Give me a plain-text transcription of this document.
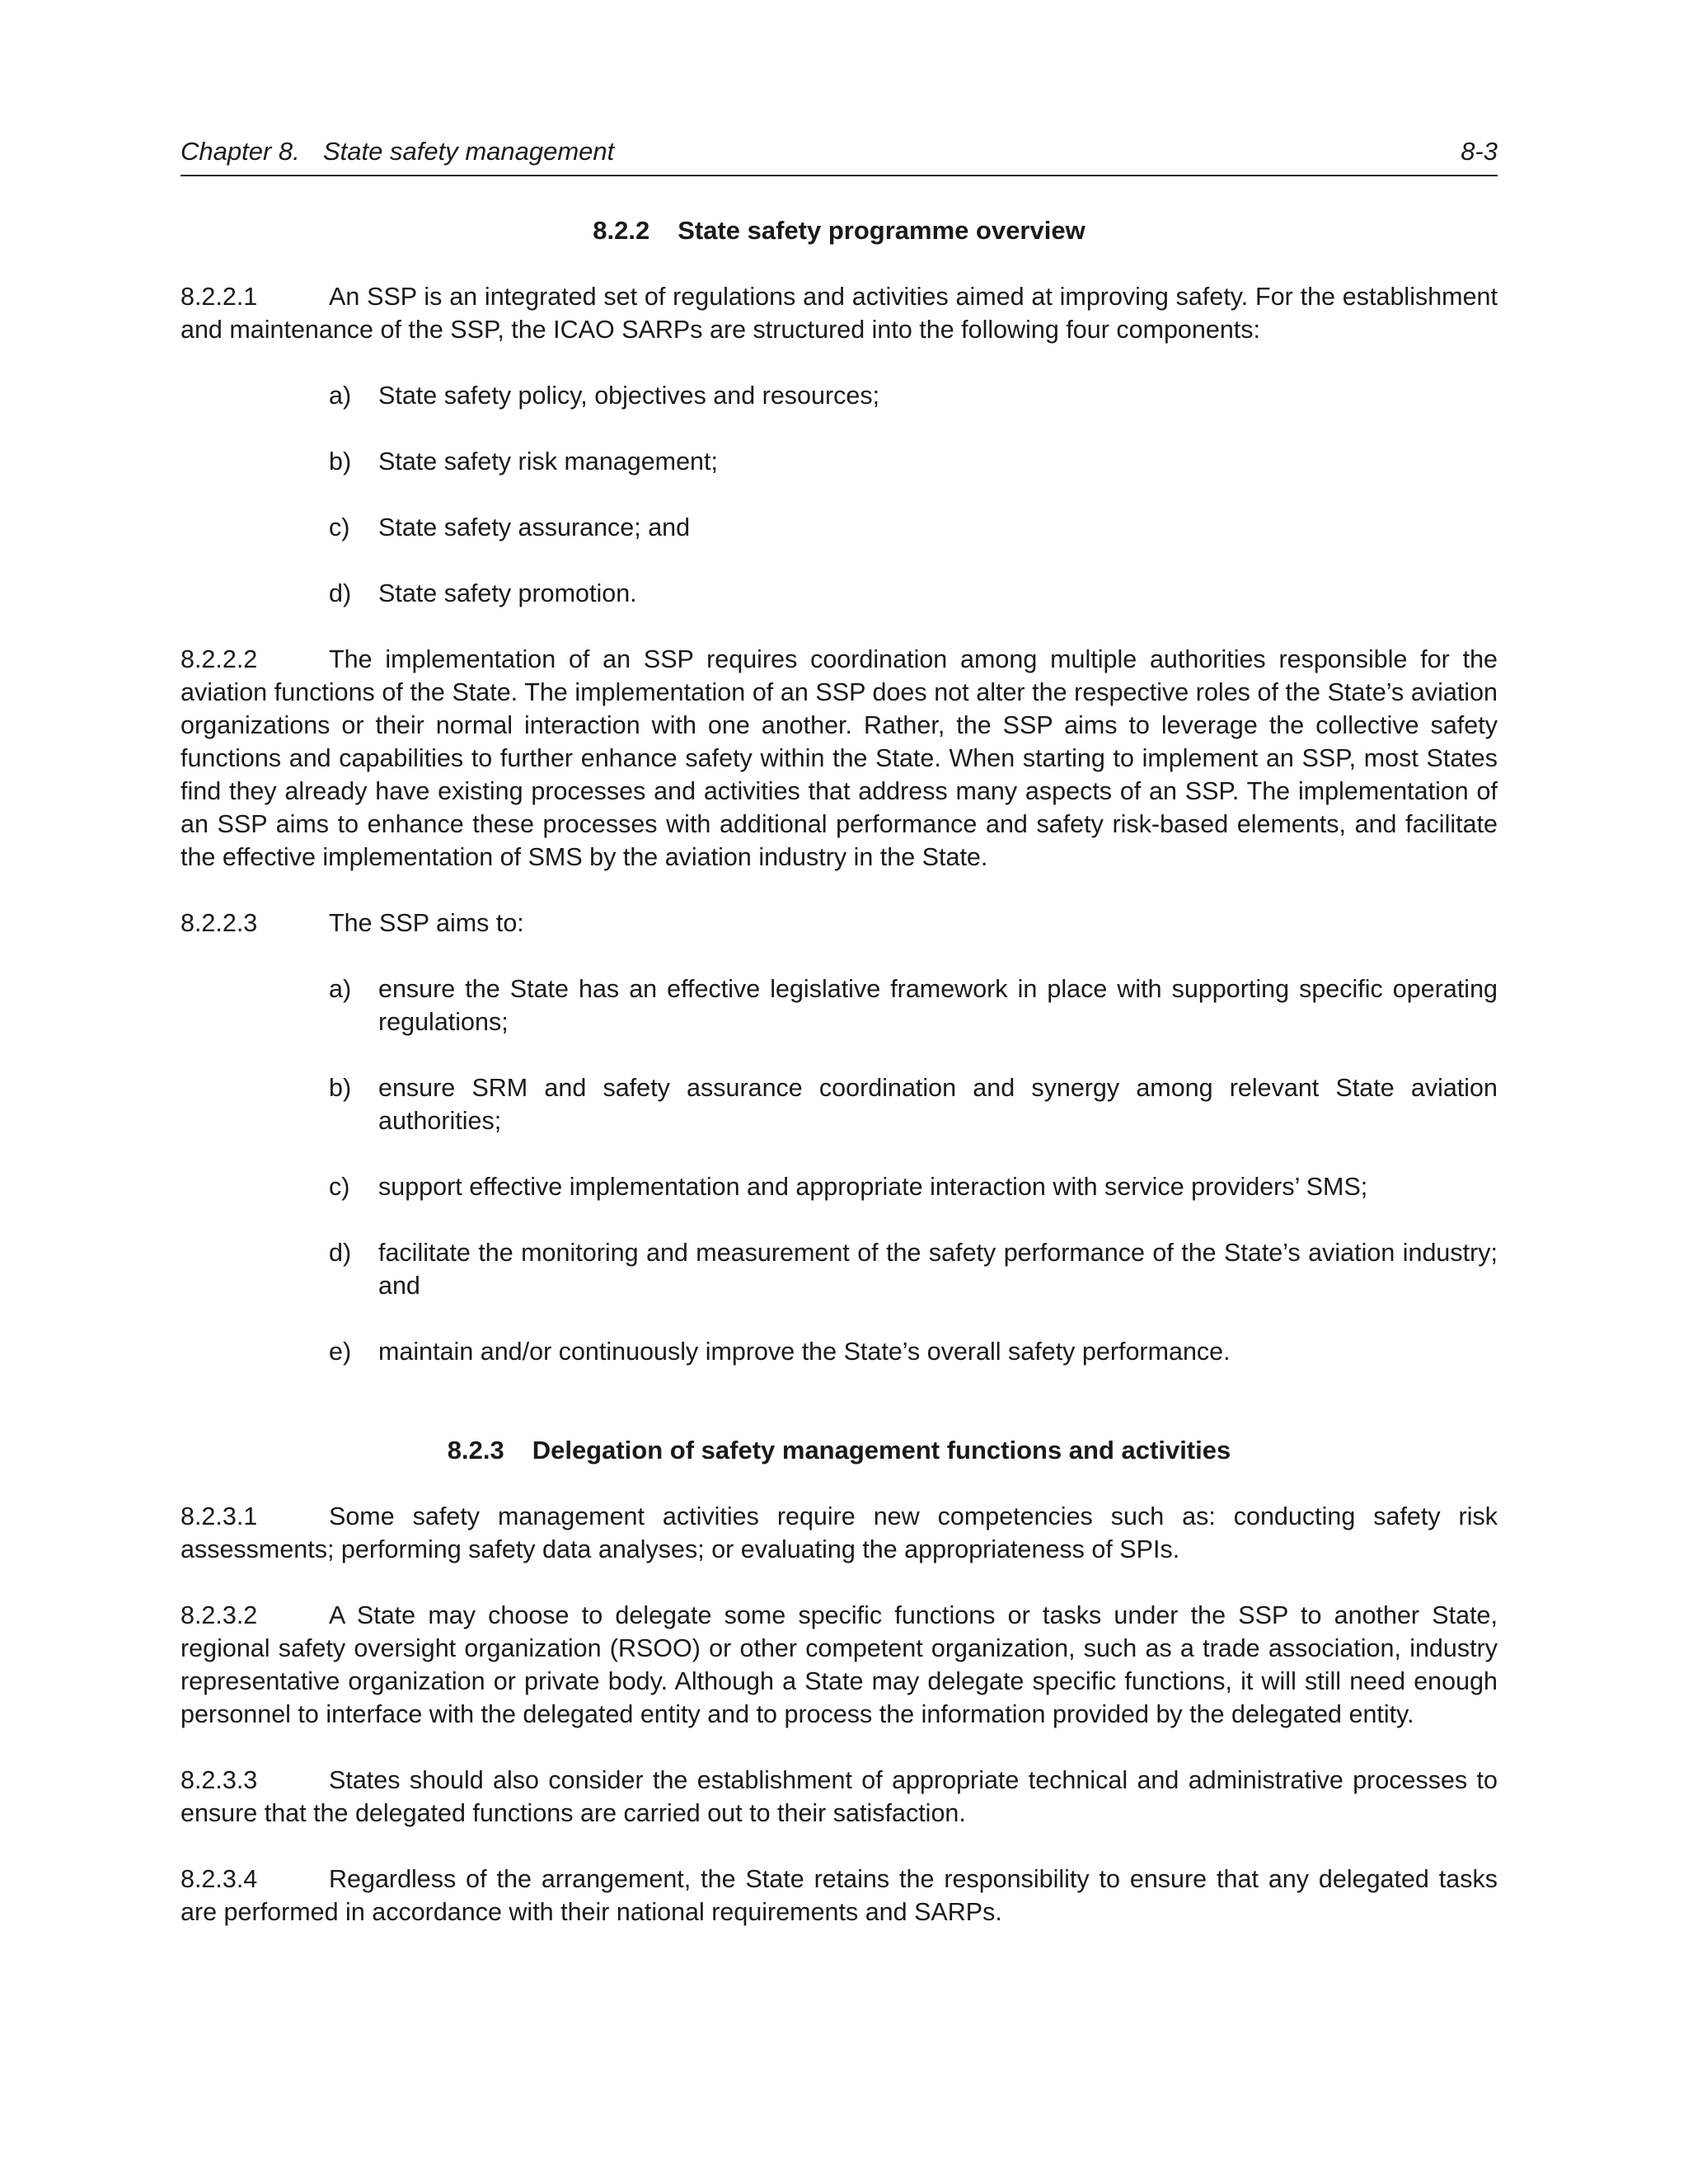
Chapter 8. State safety management	8-3
8.2.2 State safety programme overview
8.2.2.1	An SSP is an integrated set of regulations and activities aimed at improving safety. For the establishment and maintenance of the SSP, the ICAO SARPs are structured into the following four components:
a) State safety policy, objectives and resources;
b) State safety risk management;
c) State safety assurance; and
d) State safety promotion.
8.2.2.2	The implementation of an SSP requires coordination among multiple authorities responsible for the aviation functions of the State. The implementation of an SSP does not alter the respective roles of the State’s aviation organizations or their normal interaction with one another. Rather, the SSP aims to leverage the collective safety functions and capabilities to further enhance safety within the State. When starting to implement an SSP, most States find they already have existing processes and activities that address many aspects of an SSP. The implementation of an SSP aims to enhance these processes with additional performance and safety risk-based elements, and facilitate the effective implementation of SMS by the aviation industry in the State.
8.2.2.3	The SSP aims to:
a) ensure the State has an effective legislative framework in place with supporting specific operating regulations;
b) ensure SRM and safety assurance coordination and synergy among relevant State aviation authorities;
c) support effective implementation and appropriate interaction with service providers’ SMS;
d) facilitate the monitoring and measurement of the safety performance of the State’s aviation industry; and
e) maintain and/or continuously improve the State’s overall safety performance.
8.2.3 Delegation of safety management functions and activities
8.2.3.1	Some safety management activities require new competencies such as: conducting safety risk assessments; performing safety data analyses; or evaluating the appropriateness of SPIs.
8.2.3.2	A State may choose to delegate some specific functions or tasks under the SSP to another State, regional safety oversight organization (RSOO) or other competent organization, such as a trade association, industry representative organization or private body. Although a State may delegate specific functions, it will still need enough personnel to interface with the delegated entity and to process the information provided by the delegated entity.
8.2.3.3	States should also consider the establishment of appropriate technical and administrative processes to ensure that the delegated functions are carried out to their satisfaction.
8.2.3.4	Regardless of the arrangement, the State retains the responsibility to ensure that any delegated tasks are performed in accordance with their national requirements and SARPs.
